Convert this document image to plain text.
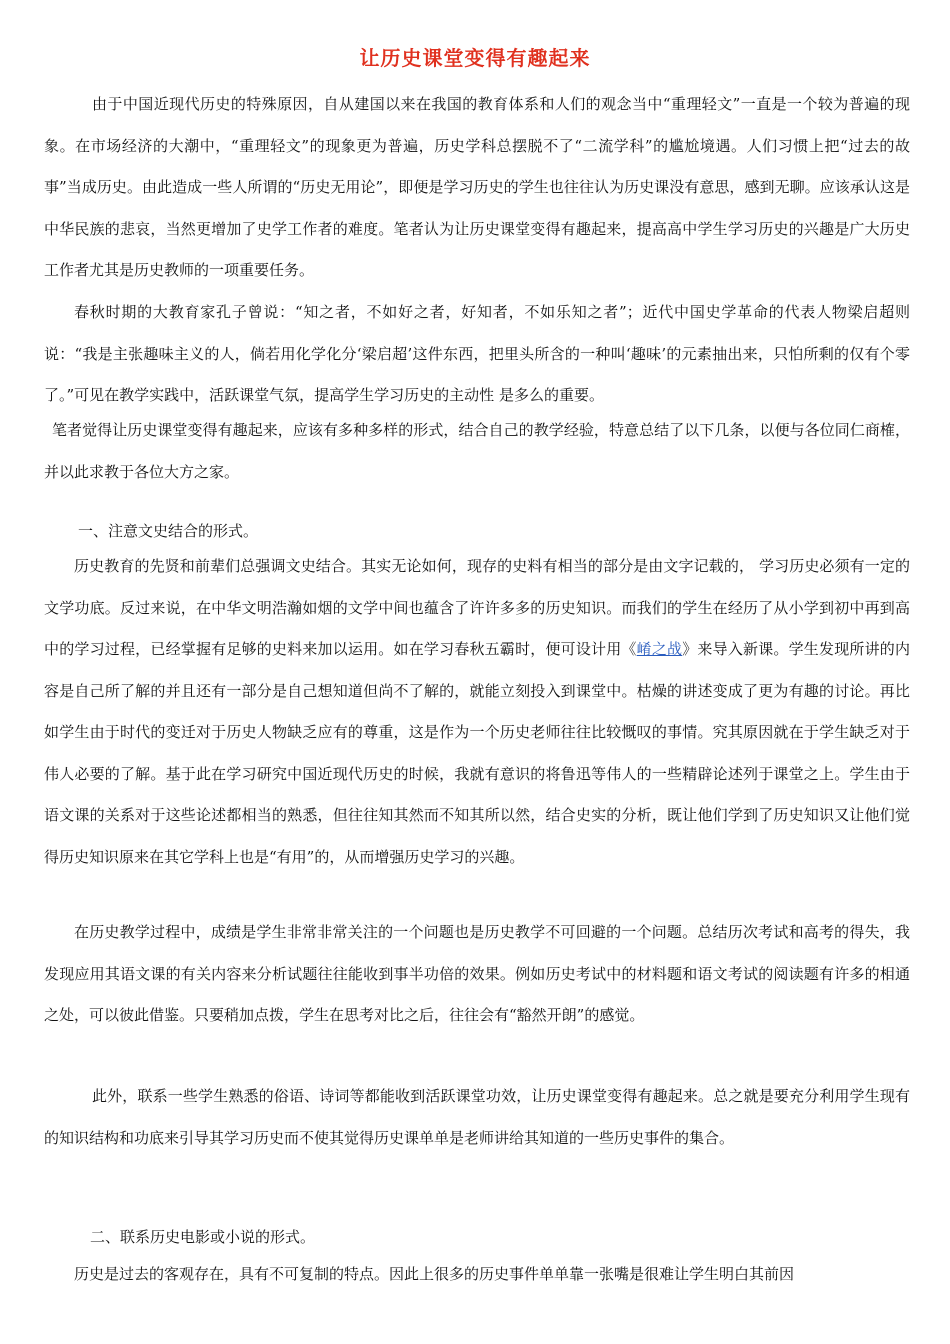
让历史课堂变得有趣起来

由于中国近现代历史的特殊原因，自从建国以来在我国的教育体系和人们的观念当中“重理轻文”一直是一个较为普遍的现象。在市场经济的大潮中，“重理轻文”的现象更为普遍，历史学科总摆脱不了“二流学科”的尴尬境遇。人们习惯上把“过去的故事”当成历史。由此造成一些人所谓的“历史无用论”，即便是学习历史的学生也往往认为历史课没有意思，感到无聊。应该承认这是中华民族的悲哀，当然更增加了史学工作者的难度。笔者认为让历史课堂变得有趣起来，提高高中学生学习历史的兴趣是广大历史工作者尤其是历史教师的一项重要任务。

春秋时期的大教育家孔子曾说：“知之者，不如好之者，好知者，不如乐知之者”；近代中国史学革命的代表人物梁启超则说：“我是主张趣味主义的人，倘若用化学化分‘梁启超’这件东西，把里头所含的一种叫‘趣味’的元素抽出来，只怕所剩的仅有个零了。”可见在教学实践中，活跃课堂气氛，提高学生学习历史的主动性 是多么的重要。

笔者觉得让历史课堂变得有趣起来，应该有多种多样的形式，结合自己的教学经验，特意总结了以下几条，以便与各位同仁商榷，并以此求教于各位大方之家。

一、注意文史结合的形式。

历史教育的先贤和前辈们总强调文史结合。其实无论如何，现存的史料有相当的部分是由文字记载的， 学习历史必须有一定的文学功底。反过来说，在中华文明浩瀚如烟的文学中间也蕴含了许许多多的历史知识。而我们的学生在经历了从小学到初中再到高中的学习过程，已经掌握有足够的史料来加以运用。如在学习春秋五霸时，便可设计用《崤之战》来导入新课。学生发现所讲的内容是自己所了解的并且还有一部分是自己想知道但尚不了解的，就能立刻投入到课堂中。枯燥的讲述变成了更为有趣的讨论。再比如学生由于时代的变迁对于历史人物缺乏应有的尊重，这是作为一个历史老师往往比较慨叹的事情。究其原因就在于学生缺乏对于伟人必要的了解。基于此在学习研究中国近现代历史的时候，我就有意识的将鲁迅等伟人的一些精辟论述列于课堂之上。学生由于语文课的关系对于这些论述都相当的熟悉，但往往知其然而不知其所以然，结合史实的分析，既让他们学到了历史知识又让他们觉得历史知识原来在其它学科上也是“有用”的，从而增强历史学习的兴趣。

在历史教学过程中，成绩是学生非常非常关注的一个问题也是历史教学不可回避的一个问题。总结历次考试和高考的得失，我发现应用其语文课的有关内容来分析试题往往能收到事半功倍的效果。例如历史考试中的材料题和语文考试的阅读题有许多的相通之处，可以彼此借鉴。只要稍加点拨，学生在思考对比之后，往往会有“豁然开朗”的感觉。

此外，联系一些学生熟悉的俗语、诗词等都能收到活跃课堂功效，让历史课堂变得有趣起来。总之就是要充分利用学生现有的知识结构和功底来引导其学习历史而不使其觉得历史课单单是老师讲给其知道的一些历史事件的集合。

二、联系历史电影或小说的形式。

历史是过去的客观存在，具有不可复制的特点。因此上很多的历史事件单单靠一张嘴是很难让学生明白其前因
